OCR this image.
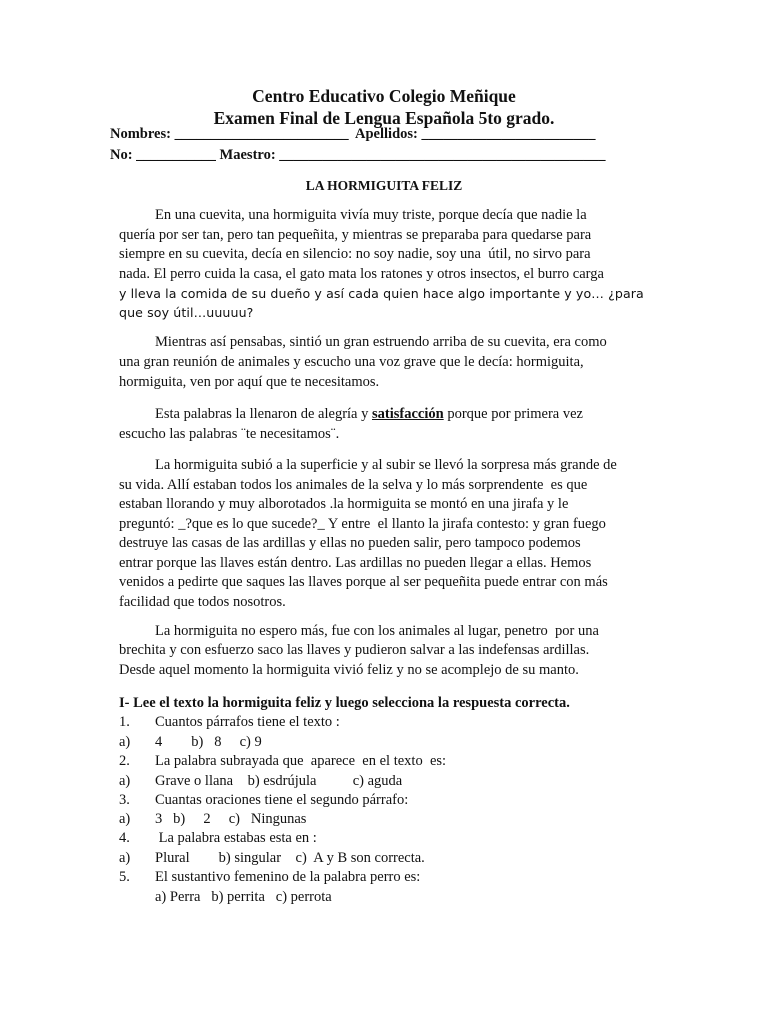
Centro Educativo Colegio Meñique
Examen Final de Lengua Española 5to grado.
Nombres: ________________________  Apellidos: ________________________
No: ___________ Maestro: _____________________________________________
LA HORMIGUITA FELIZ
En una cuevita, una hormiguita vivía muy triste, porque decía que nadie la
quería por ser tan, pero tan pequeñita, y mientras se preparaba para quedarse para
siempre en su cuevita, decía en silencio: no soy nadie, soy una  útil, no sirvo para
nada. El perro cuida la casa, el gato mata los ratones y otros insectos, el burro carga
y lleva la comida de su dueño y así cada quien hace algo importante y yo… ¿para
que soy útil…uuuuu?
Mientras así pensabas, sintió un gran estruendo arriba de su cuevita, era como
una gran reunión de animales y escucho una voz grave que le decía: hormiguita,
hormiguita, ven por aquí que te necesitamos.
Esta palabras la llenaron de alegría y satisfacción porque por primera vez
escucho las palabras ¨te necesitamos¨.
La hormiguita subió a la superficie y al subir se llevó la sorpresa más grande de
su vida. Allí estaban todos los animales de la selva y lo más sorprendente  es que
estaban llorando y muy alborotados .la hormiguita se montó en una jirafa y le
preguntó: _?que es lo que sucede?_ Y entre  el llanto la jirafa contesto: y gran fuego
destruye las casas de las ardillas y ellas no pueden salir, pero tampoco podemos
entrar porque las llaves están dentro. Las ardillas no pueden llegar a ellas. Hemos
venidos a pedirte que saques las llaves porque al ser pequeñita puede entrar con más
facilidad que todos nosotros.
La hormiguita no espero más, fue con los animales al lugar, penetro  por una
brechita y con esfuerzo saco las llaves y pudieron salvar a las indefensas ardillas.
Desde aquel momento la hormiguita vivió feliz y no se acomplejo de su manto.
I- Lee el texto la hormiguita feliz y luego selecciona la respuesta correcta.
1. Cuantos párrafos tiene el texto :
a) 4        b)   8     c) 9
2. La palabra subrayada que  aparece  en el texto  es:
a) Grave o llana    b) esdrújula          c) aguda
3. Cuantas oraciones tiene el segundo párrafo:
a) 3   b)     2     c)   Ningunas
4. La palabra estabas esta en :
a) Plural        b) singular    c)  A y B son correcta.
5. El sustantivo femenino de la palabra perro es:
a) Perra   b) perrita   c) perrota
